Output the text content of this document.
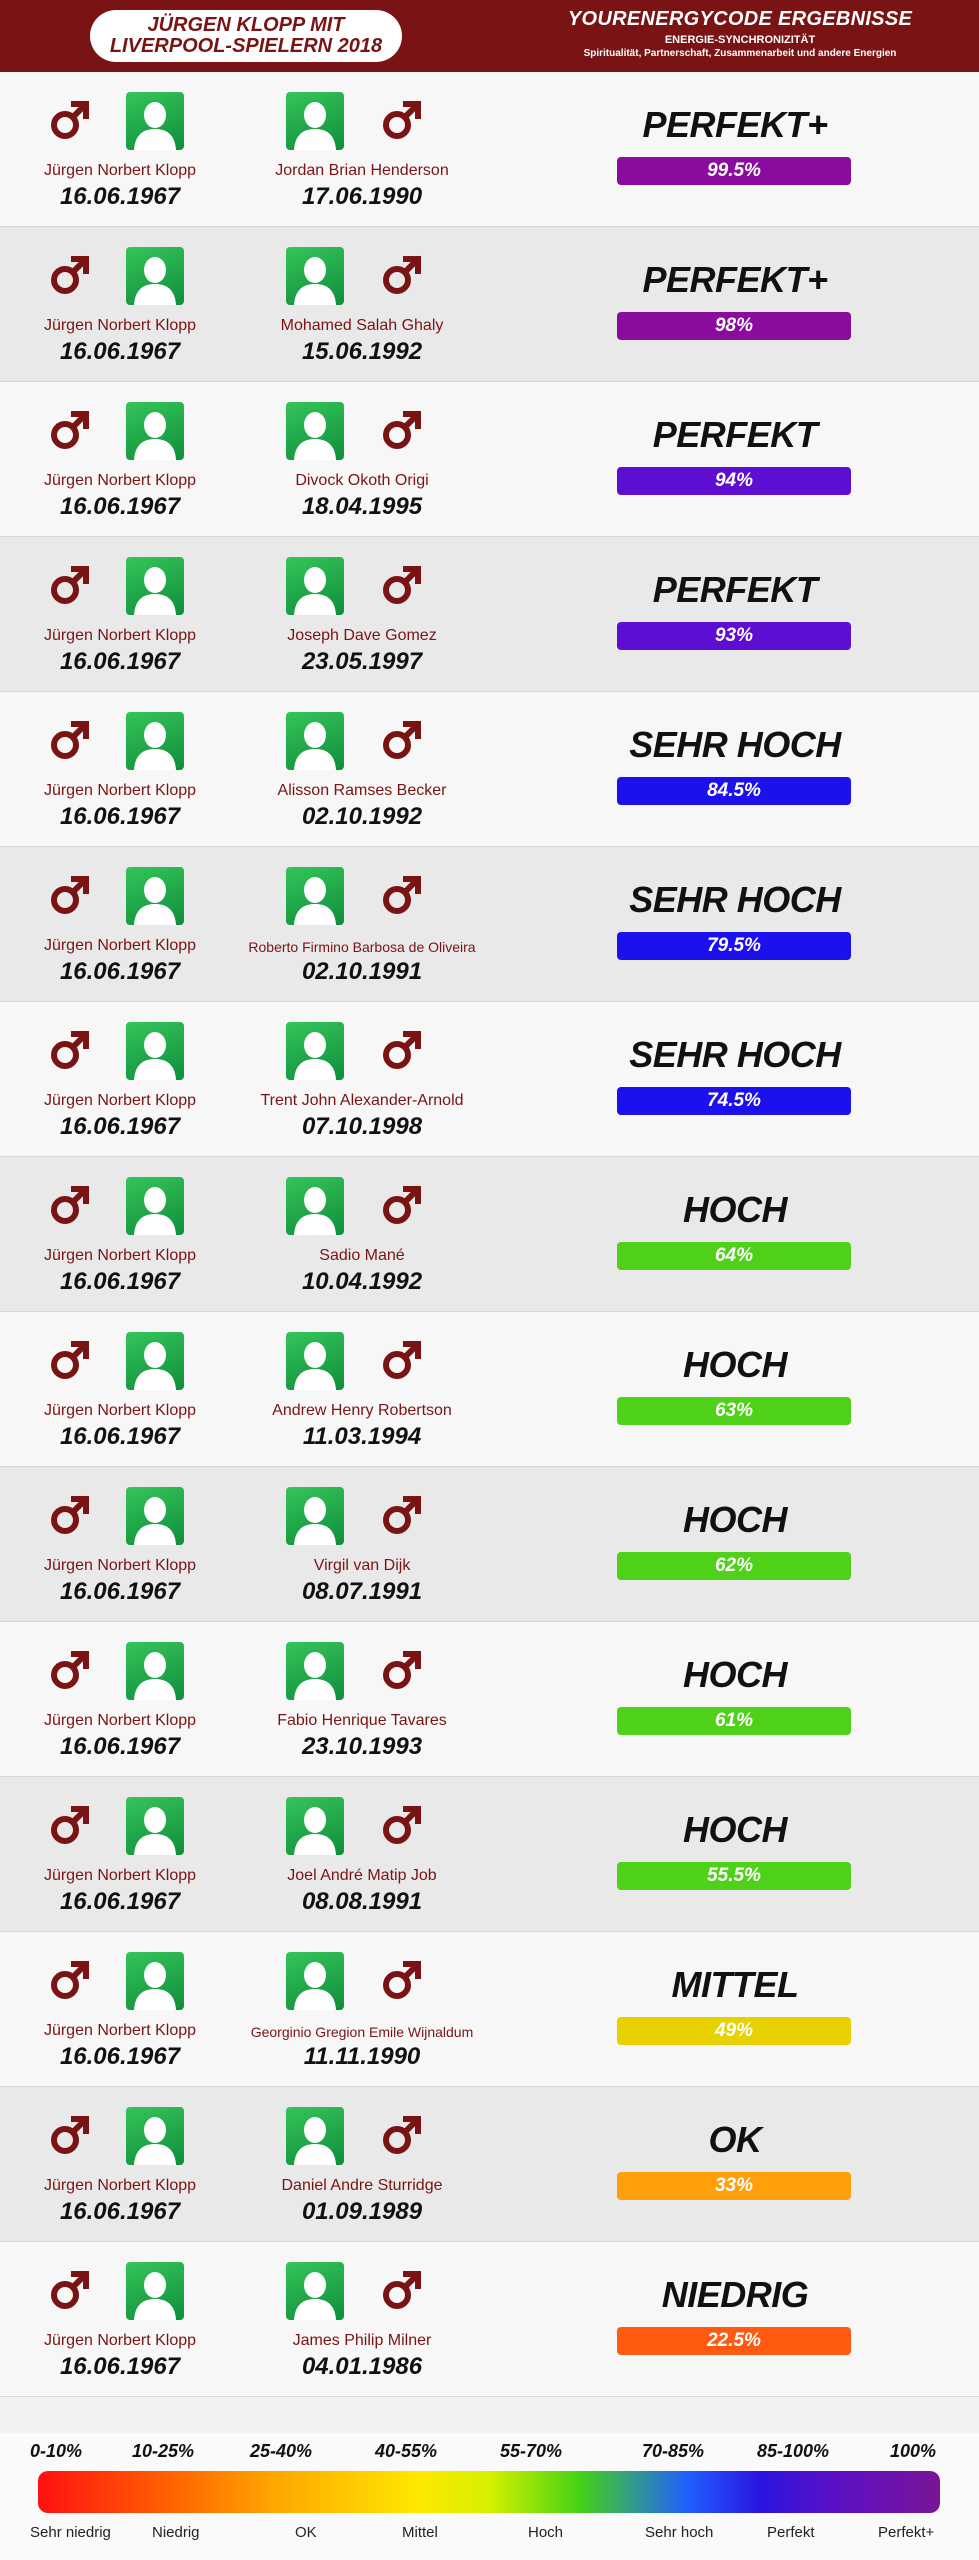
JÜRGEN KLOPP MIT
LIVERPOOL-SPIELERN 2018
YOURENERGYCODE ERGEBNISSE
ENERGIE-SYNCHRONIZITÄT
Spiritualität, Partnerschaft, Zusammenarbeit und andere Energien
Jürgen Norbert Klopp
16.06.1967
Jordan Brian Henderson
17.06.1990
PERFEKT+
99.5%
Jürgen Norbert Klopp
16.06.1967
Mohamed Salah Ghaly
15.06.1992
PERFEKT+
98%
Jürgen Norbert Klopp
16.06.1967
Divock Okoth Origi
18.04.1995
PERFEKT
94%
Jürgen Norbert Klopp
16.06.1967
Joseph Dave Gomez
23.05.1997
PERFEKT
93%
Jürgen Norbert Klopp
16.06.1967
Alisson Ramses Becker
02.10.1992
SEHR HOCH
84.5%
Jürgen Norbert Klopp
16.06.1967
Roberto Firmino Barbosa de Oliveira
02.10.1991
SEHR HOCH
79.5%
Jürgen Norbert Klopp
16.06.1967
Trent John Alexander-Arnold
07.10.1998
SEHR HOCH
74.5%
Jürgen Norbert Klopp
16.06.1967
Sadio Mané
10.04.1992
HOCH
64%
Jürgen Norbert Klopp
16.06.1967
Andrew Henry Robertson
11.03.1994
HOCH
63%
Jürgen Norbert Klopp
16.06.1967
Virgil van Dijk
08.07.1991
HOCH
62%
Jürgen Norbert Klopp
16.06.1967
Fabio Henrique Tavares
23.10.1993
HOCH
61%
Jürgen Norbert Klopp
16.06.1967
Joel André Matip Job
08.08.1991
HOCH
55.5%
Jürgen Norbert Klopp
16.06.1967
Georginio Gregion Emile Wijnaldum
11.11.1990
MITTEL
49%
Jürgen Norbert Klopp
16.06.1967
Daniel Andre Sturridge
01.09.1989
OK
33%
Jürgen Norbert Klopp
16.06.1967
James Philip Milner
04.01.1986
NIEDRIG
22.5%
0-10%	10-25%	25-40%	40-55%	55-70%	70-85%	85-100%	100%
Sehr niedrig	Niedrig	OK	Mittel	Hoch	Sehr hoch	Perfekt	Perfekt+
